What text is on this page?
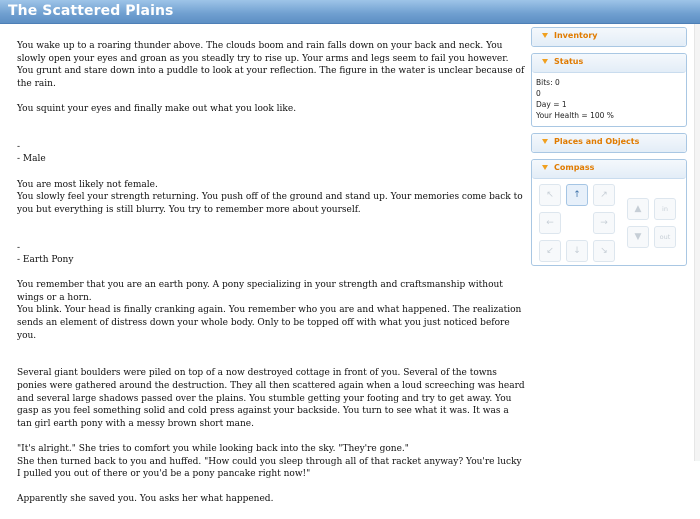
The Scattered Plains

You wake up to a roaring thunder above. The clouds boom and rain falls down on your back and neck. You slowly open your eyes and groan as you steadly try to rise up. Your arms and legs seem to fail you however. You grunt and stare down into a puddle to look at your reflection. The figure in the water is unclear because of the rain.

You squint your eyes and finally make out what you look like.

-

- Male

You are most likely not female.

You slowly feel your strength returning. You push off of the ground and stand up. Your memories come back to you but everything is still blurry. You try to remember more about yourself.

-

- Earth Pony

You remember that you are an earth pony. A pony specializing in your strength and craftsmanship without wings or a horn.

You blink. Your head is finally cranking again. You remember who you are and what happened. The realization sends an element of distress down your whole body. Only to be topped off with what you just noticed before you.

Several giant boulders were piled on top of a now destroyed cottage in front of you. Several of the towns ponies were gathered around the destruction. They all then scattered again when a loud screeching was heard and several large shadows passed over the plains. You stumble getting your footing and try to get away. You gasp as you feel something solid and cold press against your backside. You turn to see what it was. It was a tan girl earth pony with a messy brown short mane.

"It's alright." She tries to comfort you while looking back into the sky. "They're gone."

She then turned back to you and huffed. "How could you sleep through all of that racket anyway? You're lucky I pulled you out of there or you'd be a pony pancake right now!"

Apparently she saved you. You asks her what happened.

Inventory
Status
Bits: 0
0
Day = 1
Your Health = 100 %
Places and Objects
Compass
↖	↑	↗
←	→
↙	↓	↘
▲	in
▼	out
